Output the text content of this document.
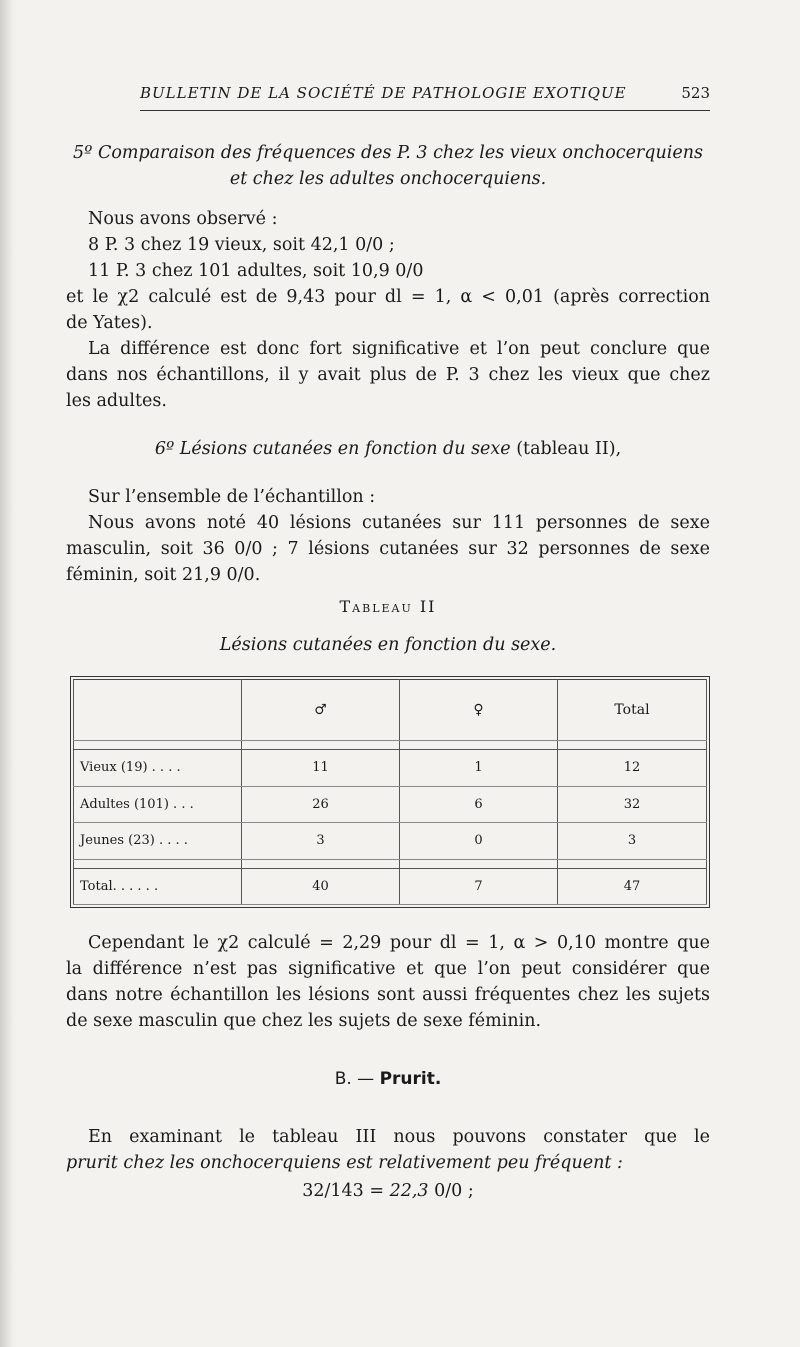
BULLETIN DE LA SOCIÉTÉ DE PATHOLOGIE EXOTIQUE	523
5º Comparaison des fréquences des P. 3 chez les vieux onchocerquiens
et chez les adultes onchocerquiens.
Nous avons observé :
8 P. 3 chez 19 vieux, soit 42,1 0/0 ;
11 P. 3 chez 101 adultes, soit 10,9 0/0
et le χ2 calculé est de 9,43 pour dl = 1, α < 0,01 (après correction
de Yates).
La différence est donc fort significative et l’on peut conclure que
dans nos échantillons, il y avait plus de P. 3 chez les vieux que chez
les adultes.
6º Lésions cutanées en fonction du sexe (tableau II),
Sur l’ensemble de l’échantillon :
Nous avons noté 40 lésions cutanées sur 111 personnes de sexe
masculin, soit 36 0/0 ; 7 lésions cutanées sur 32 personnes de sexe
féminin, soit 21,9 0/0.
Tableau II
Lésions cutanées en fonction du sexe.
	♂	♀	Total

Vieux (19) . . . .	11	1	12
Adultes (101) . . .	26	6	32
Jeunes (23) . . . .	3	0	3

Total. . . . . .	40	7	47
Cependant le χ2 calculé = 2,29 pour dl = 1, α > 0,10 montre que
la différence n’est pas significative et que l’on peut considérer que
dans notre échantillon les lésions sont aussi fréquentes chez les sujets
de sexe masculin que chez les sujets de sexe féminin.
B. — Prurit.
En examinant le tableau III nous pouvons constater que le
prurit chez les onchocerquiens est relativement peu fréquent :
32/143 = 22,3 0/0 ;
